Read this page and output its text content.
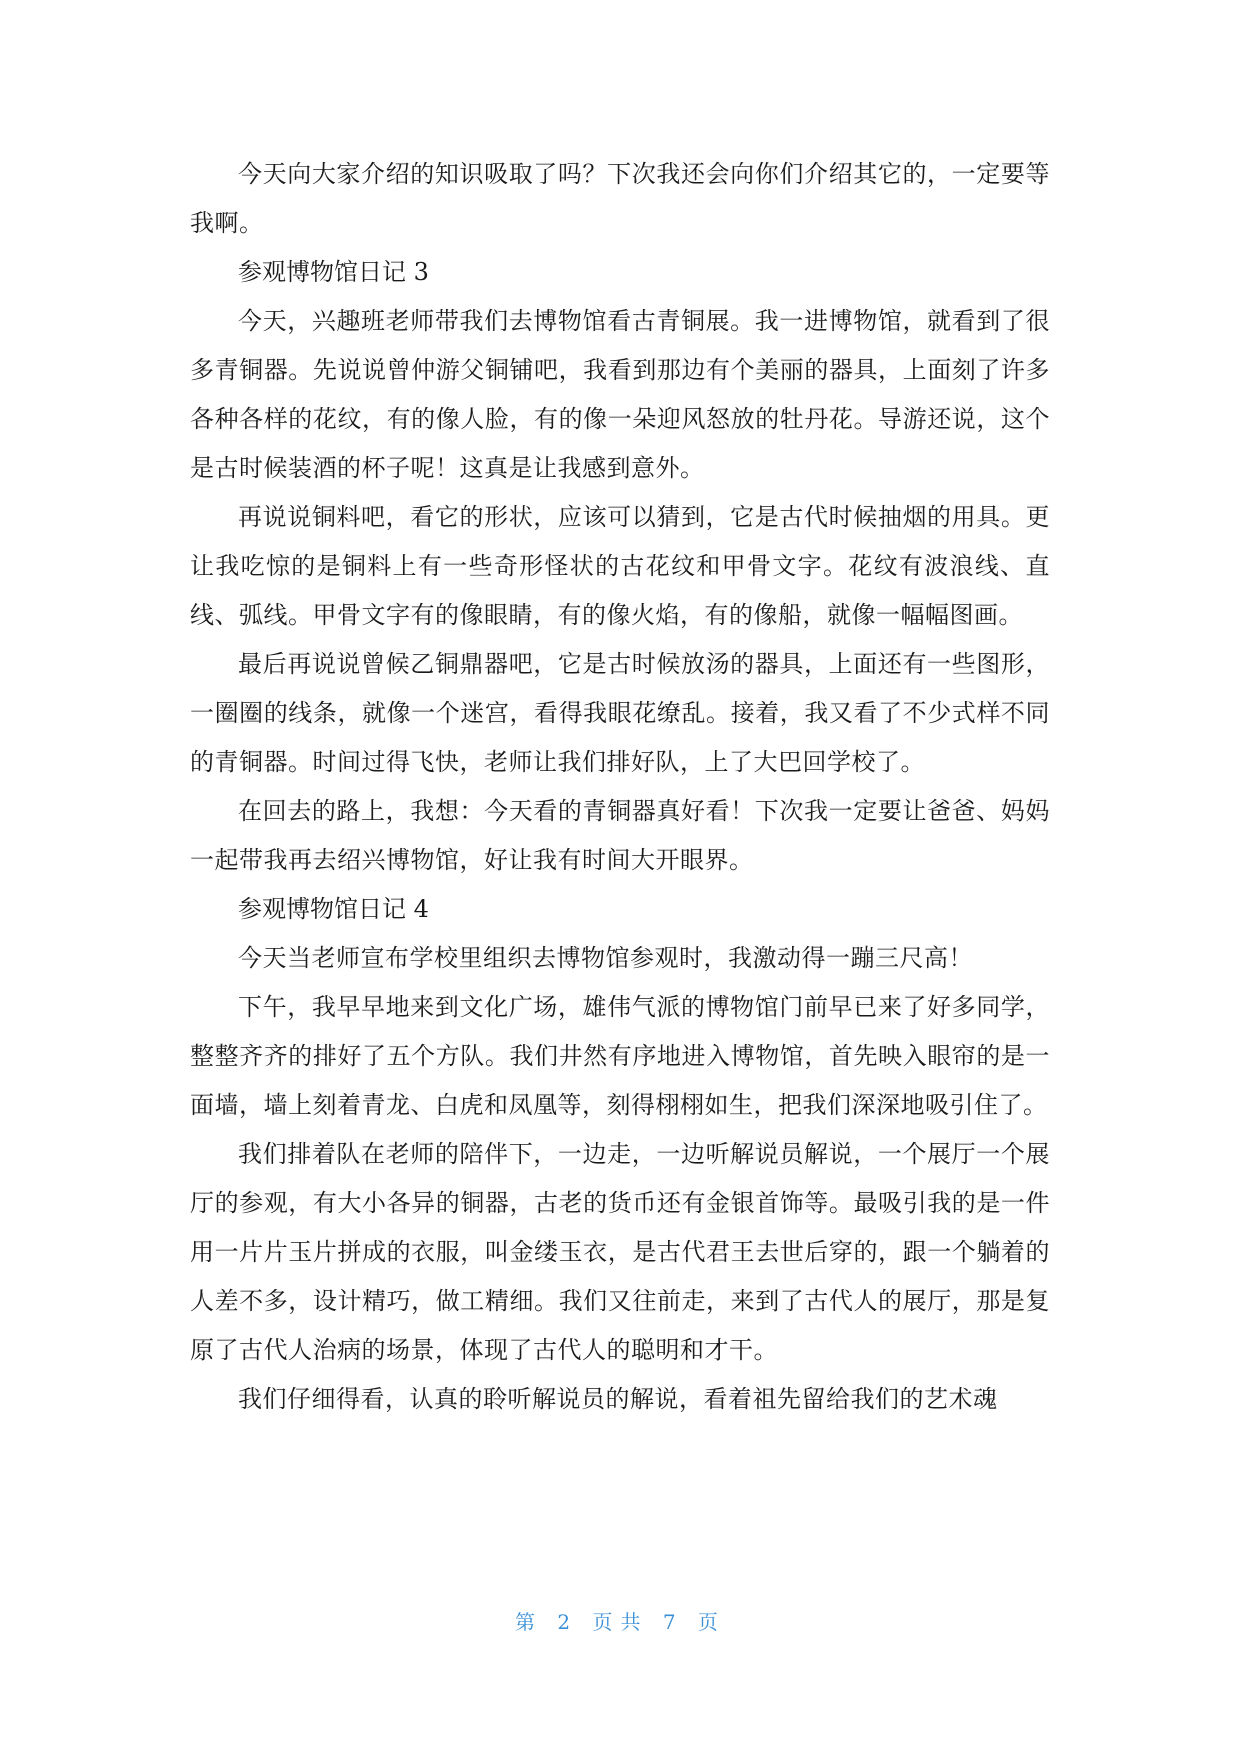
今天向大家介绍的知识吸取了吗？下次我还会向你们介绍其它的，一定要等我啊。

参观博物馆日记 3

今天，兴趣班老师带我们去博物馆看古青铜展。我一进博物馆，就看到了很多青铜器。先说说曾仲游父铜铺吧，我看到那边有个美丽的器具，上面刻了许多各种各样的花纹，有的像人脸，有的像一朵迎风怒放的牡丹花。导游还说，这个是古时候装酒的杯子呢！这真是让我感到意外。

再说说铜料吧，看它的形状，应该可以猜到，它是古代时候抽烟的用具。更让我吃惊的是铜料上有一些奇形怪状的古花纹和甲骨文字。花纹有波浪线、直线、弧线。甲骨文字有的像眼睛，有的像火焰，有的像船，就像一幅幅图画。

最后再说说曾候乙铜鼎器吧，它是古时候放汤的器具，上面还有一些图形，一圈圈的线条，就像一个迷宫，看得我眼花缭乱。接着，我又看了不少式样不同的青铜器。时间过得飞快，老师让我们排好队，上了大巴回学校了。

在回去的路上，我想：今天看的青铜器真好看！下次我一定要让爸爸、妈妈一起带我再去绍兴博物馆，好让我有时间大开眼界。

参观博物馆日记 4

今天当老师宣布学校里组织去博物馆参观时，我激动得一蹦三尺高！

下午，我早早地来到文化广场，雄伟气派的博物馆门前早已来了好多同学，整整齐齐的排好了五个方队。我们井然有序地进入博物馆，首先映入眼帘的是一面墙，墙上刻着青龙、白虎和凤凰等，刻得栩栩如生，把我们深深地吸引住了。

我们排着队在老师的陪伴下，一边走，一边听解说员解说，一个展厅一个展厅的参观，有大小各异的铜器，古老的货币还有金银首饰等。最吸引我的是一件用一片片玉片拼成的衣服，叫金缕玉衣，是古代君王去世后穿的，跟一个躺着的人差不多，设计精巧，做工精细。我们又往前走，来到了古代人的展厅，那是复原了古代人治病的场景，体现了古代人的聪明和才干。

我们仔细得看，认真的聆听解说员的解说，看着祖先留给我们的艺术魂

第 2 页共 7 页
